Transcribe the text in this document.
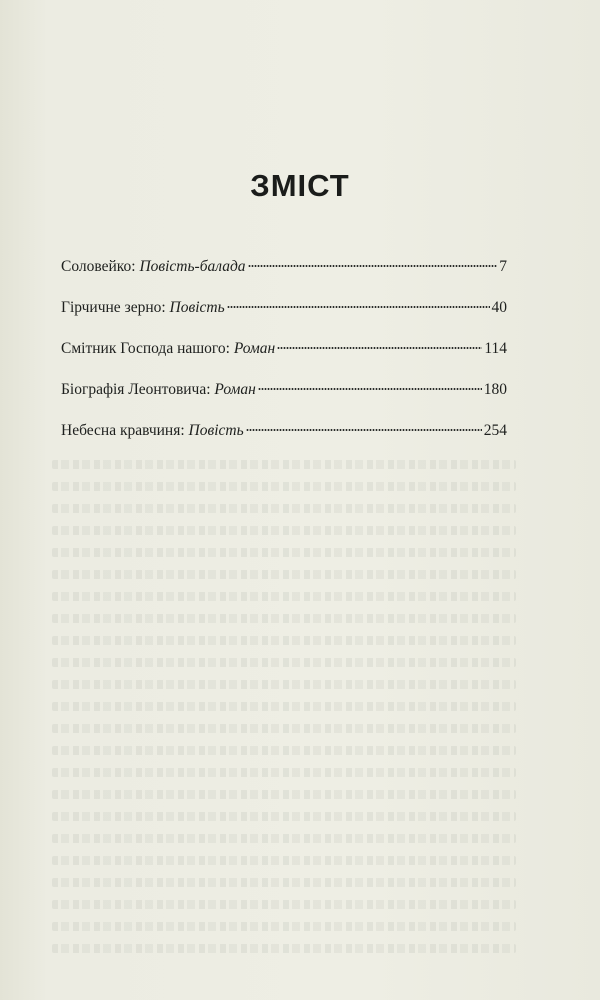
ЗМІСТ
Соловейко:
Повість-балада	7
Гірчичне зерно:
Повість	40
Смітник Господа нашого:
Роман	114
Біографія Леонтовича:
Роман	180
Небесна кравчиня:
Повість	254
